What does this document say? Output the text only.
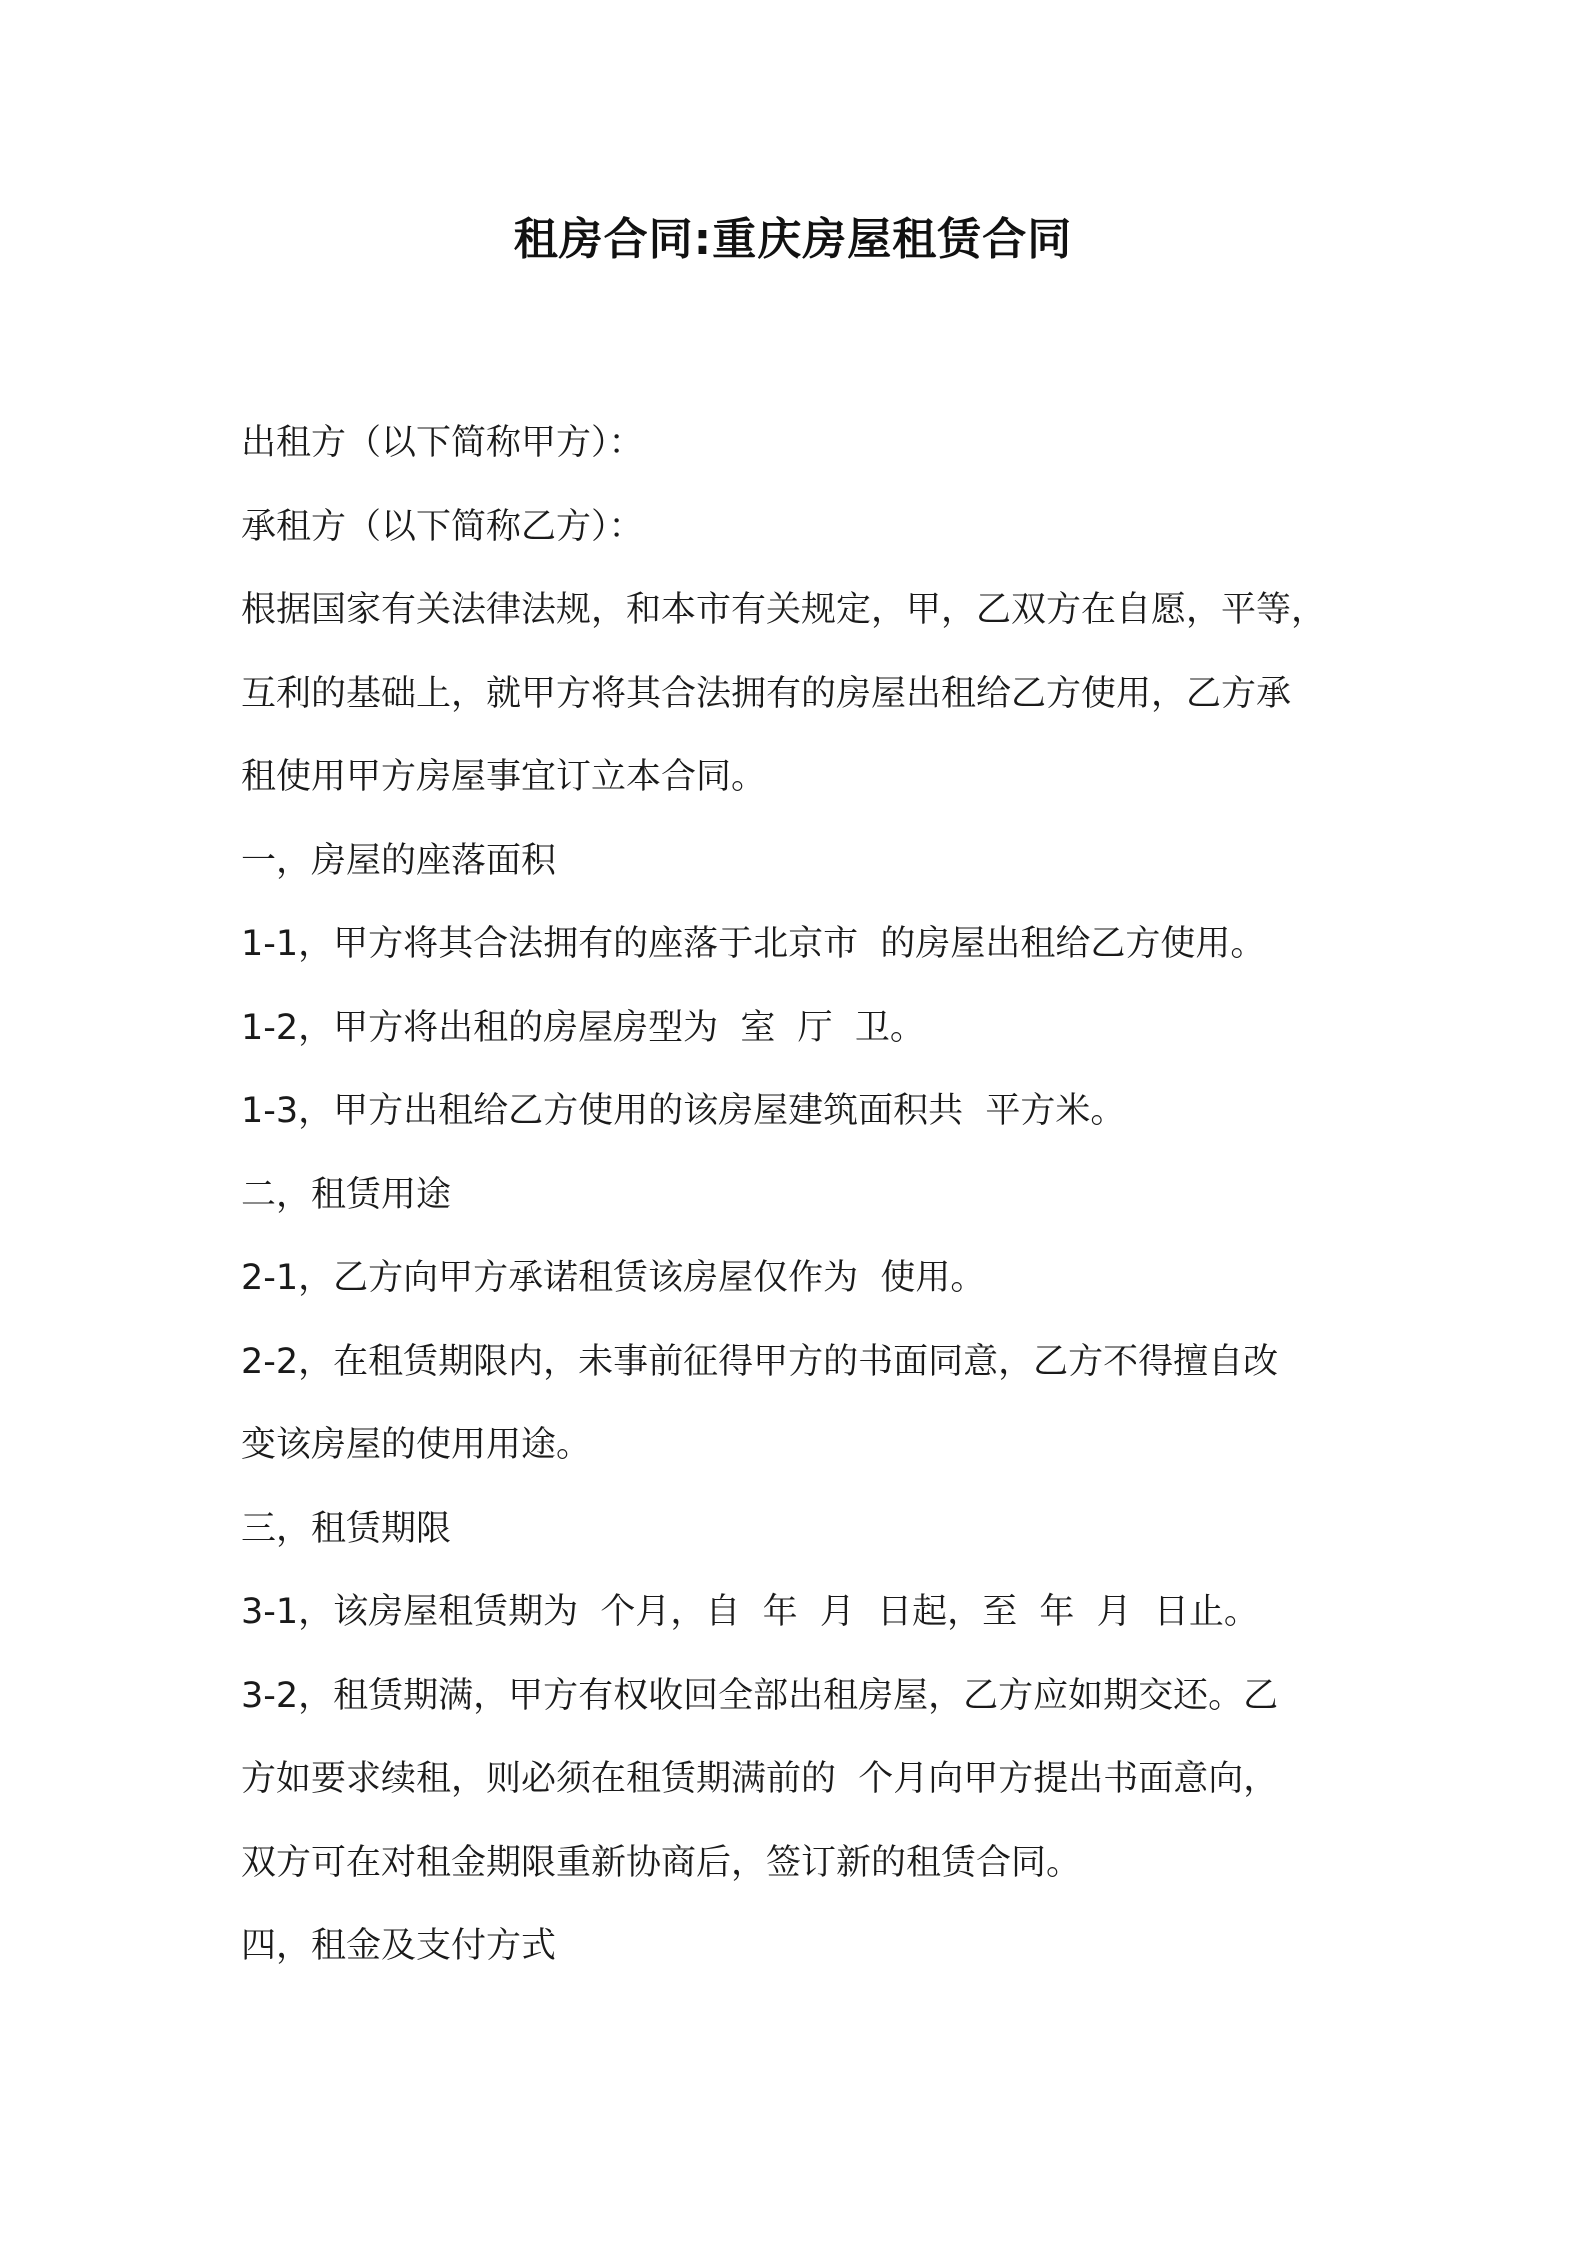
租房合同:重庆房屋租赁合同
出租方（以下简称甲方）：
承租方（以下简称乙方）：
根据国家有关法律法规，和本市有关规定，甲，乙双方在自愿，平等，
互利的基础上，就甲方将其合法拥有的房屋出租给乙方使用，乙方承
租使用甲方房屋事宜订立本合同。
一，房屋的座落面积
1-1，甲方将其合法拥有的座落于北京市  的房屋出租给乙方使用。
1-2，甲方将出租的房屋房型为  室  厅  卫。
1-3，甲方出租给乙方使用的该房屋建筑面积共  平方米。
二，租赁用途
2-1，乙方向甲方承诺租赁该房屋仅作为  使用。
2-2，在租赁期限内，未事前征得甲方的书面同意，乙方不得擅自改
变该房屋的使用用途。
三，租赁期限
3-1，该房屋租赁期为  个月，自  年  月  日起，至  年  月  日止。
3-2，租赁期满，甲方有权收回全部出租房屋，乙方应如期交还。乙
方如要求续租，则必须在租赁期满前的  个月向甲方提出书面意向，
双方可在对租金期限重新协商后，签订新的租赁合同。
四，租金及支付方式
